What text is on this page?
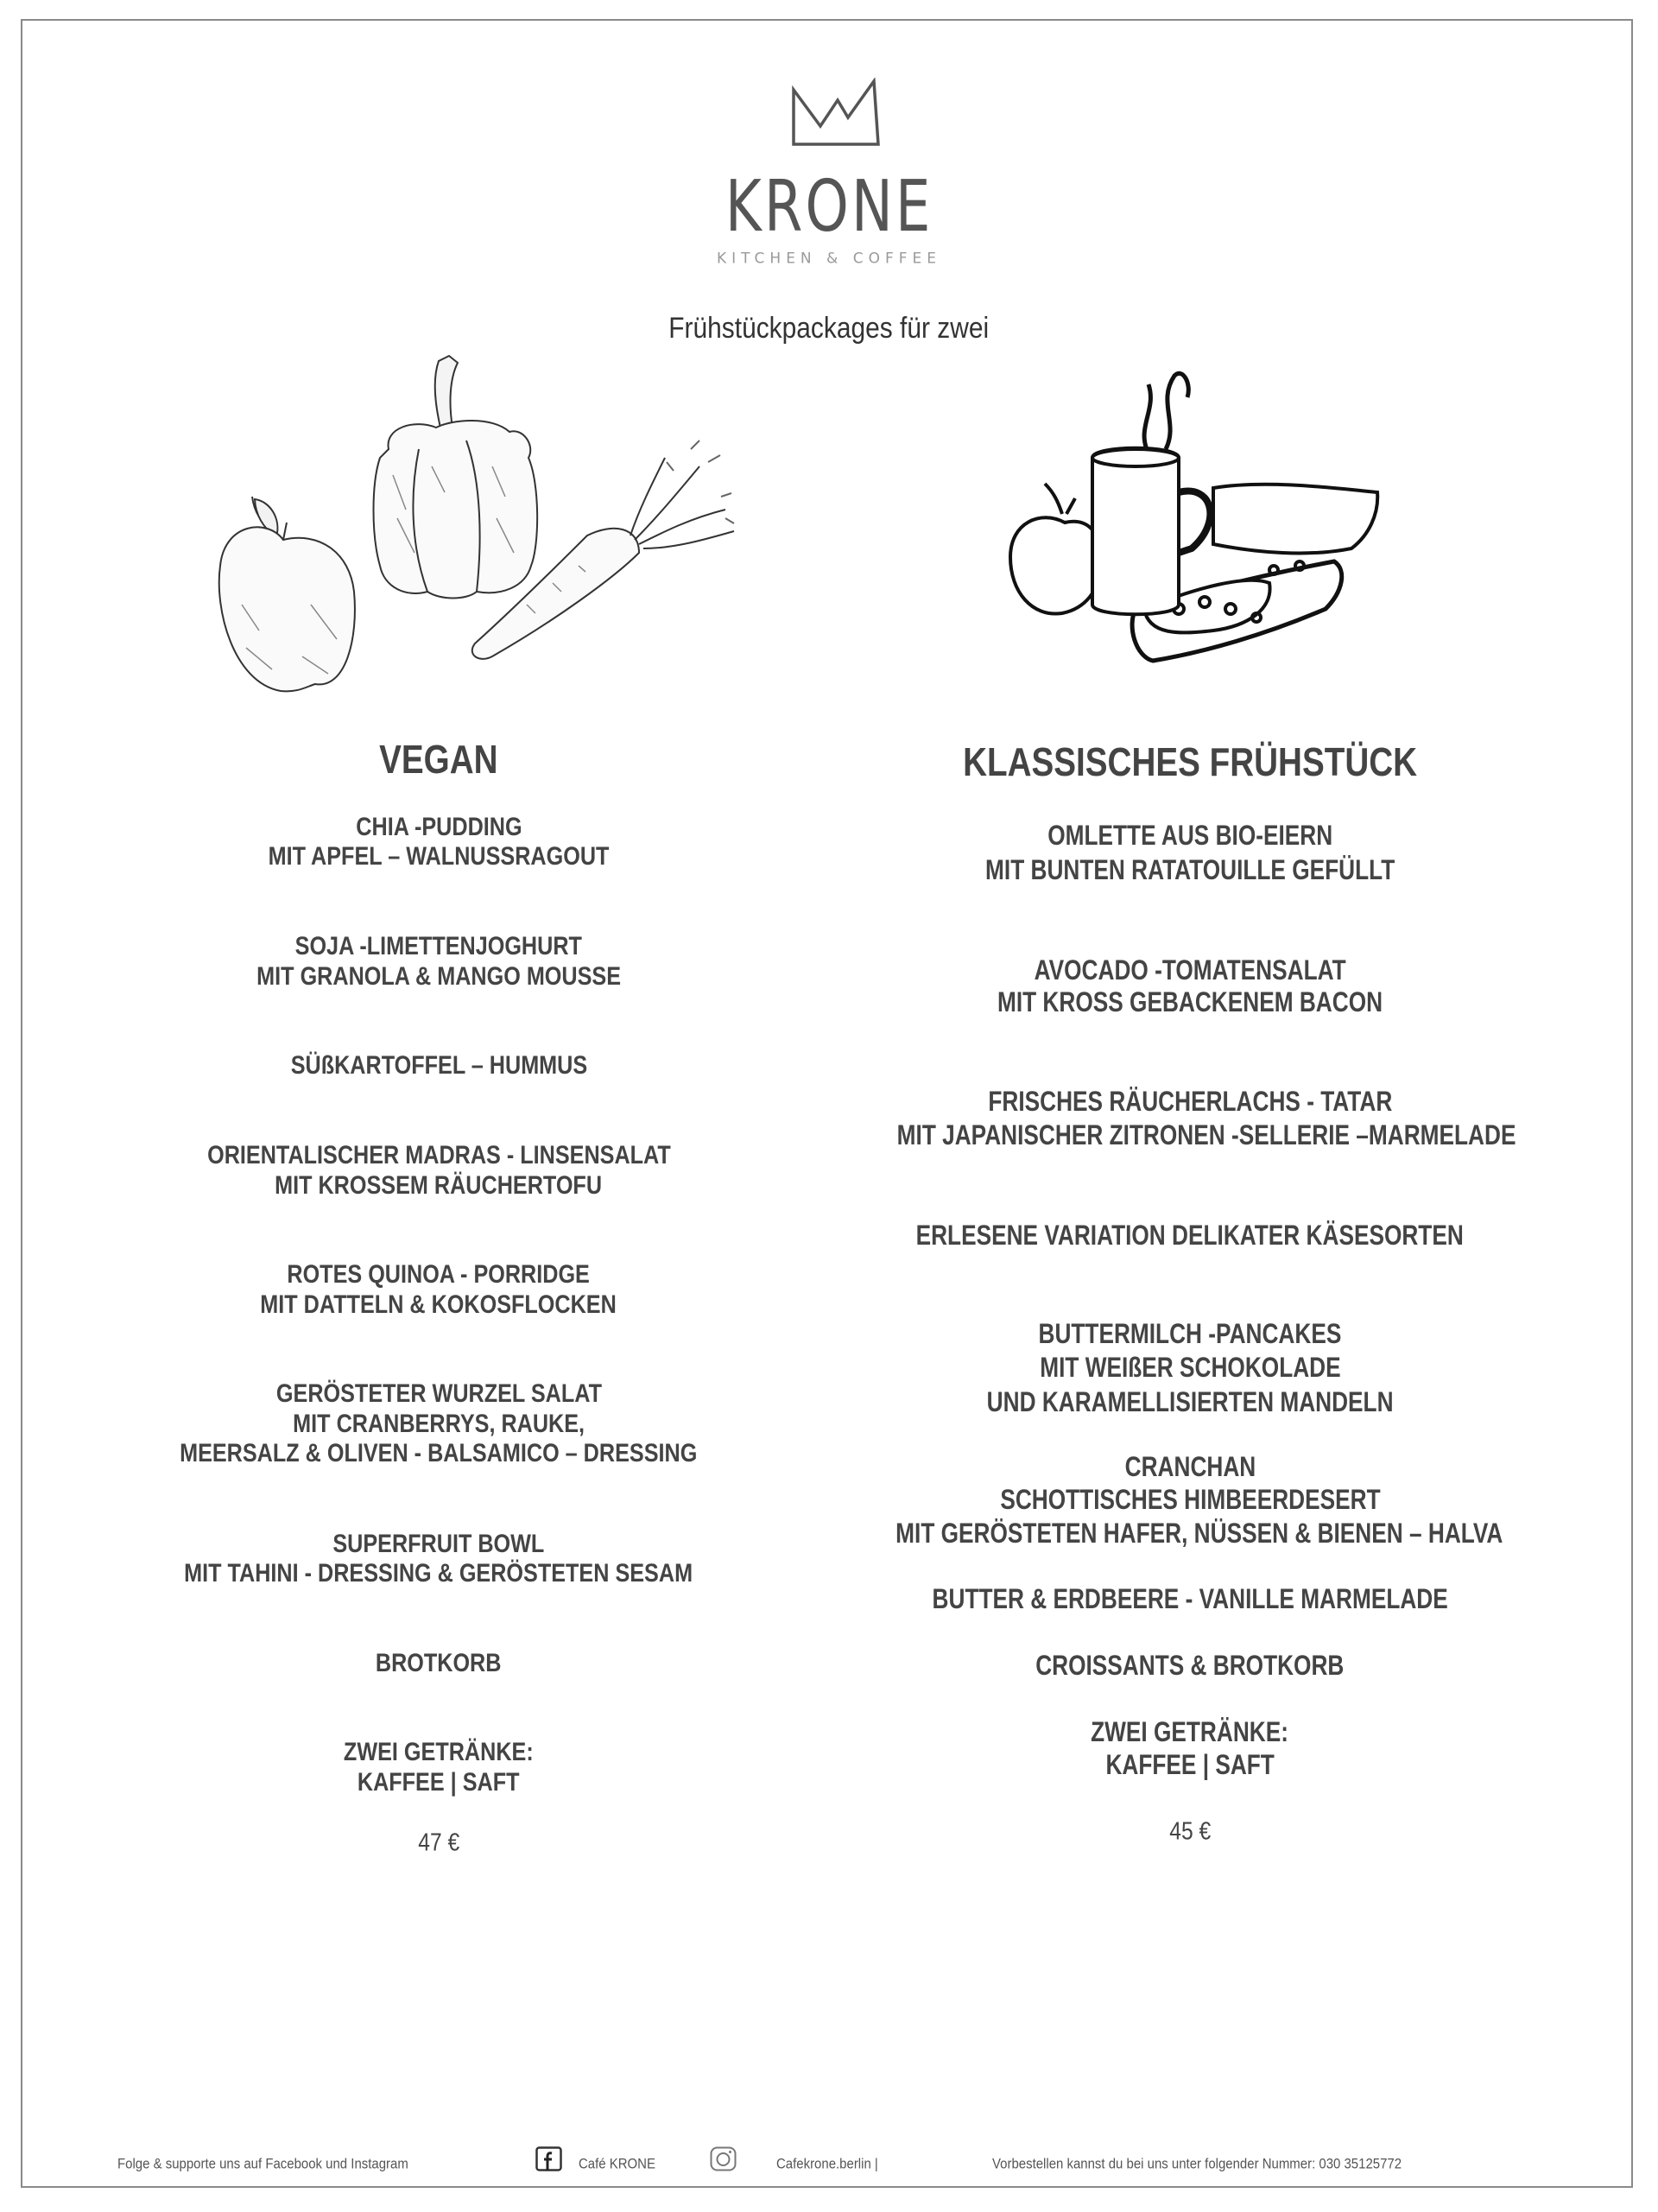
KRONE
KITCHEN & COFFEE
Frühstückpackages für zwei
VEGAN
CHIA -PUDDING
MIT APFEL – WALNUSSRAGOUT
SOJA -LIMETTENJOGHURT
MIT GRANOLA & MANGO MOUSSE
SÜßKARTOFFEL – HUMMUS
ORIENTALISCHER MADRAS - LINSENSALAT
MIT KROSSEM RÄUCHERTOFU
ROTES QUINOA - PORRIDGE
MIT DATTELN & KOKOSFLOCKEN
GERÖSTETER WURZEL SALAT
MIT CRANBERRYS, RAUKE,
MEERSALZ & OLIVEN - BALSAMICO – DRESSING
SUPERFRUIT BOWL
MIT TAHINI - DRESSING & GERÖSTETEN SESAM
BROTKORB
ZWEI GETRÄNKE:
KAFFEE | SAFT
47 €
KLASSISCHES FRÜHSTÜCK
OMLETTE AUS BIO-EIERN
MIT BUNTEN RATATOUILLE GEFÜLLT
AVOCADO -TOMATENSALAT
MIT KROSS GEBACKENEM BACON
FRISCHES RÄUCHERLACHS - TATAR
MIT JAPANISCHER ZITRONEN -SELLERIE –MARMELADE
ERLESENE VARIATION DELIKATER KÄSESORTEN
BUTTERMILCH -PANCAKES
MIT WEIßER SCHOKOLADE
UND KARAMELLISIERTEN MANDELN
CRANCHAN
SCHOTTISCHES HIMBEERDESERT
MIT GERÖSTETEN HAFER, NÜSSEN & BIENEN – HALVA
BUTTER & ERDBEERE - VANILLE MARMELADE
CROISSANTS & BROTKORB
ZWEI GETRÄNKE:
KAFFEE | SAFT
45 €
Folge & supporte uns auf Facebook und Instagram	Café KRONE	Cafekrone.berlin |	Vorbestellen kannst du bei uns unter folgender Nummer: 030 35125772
